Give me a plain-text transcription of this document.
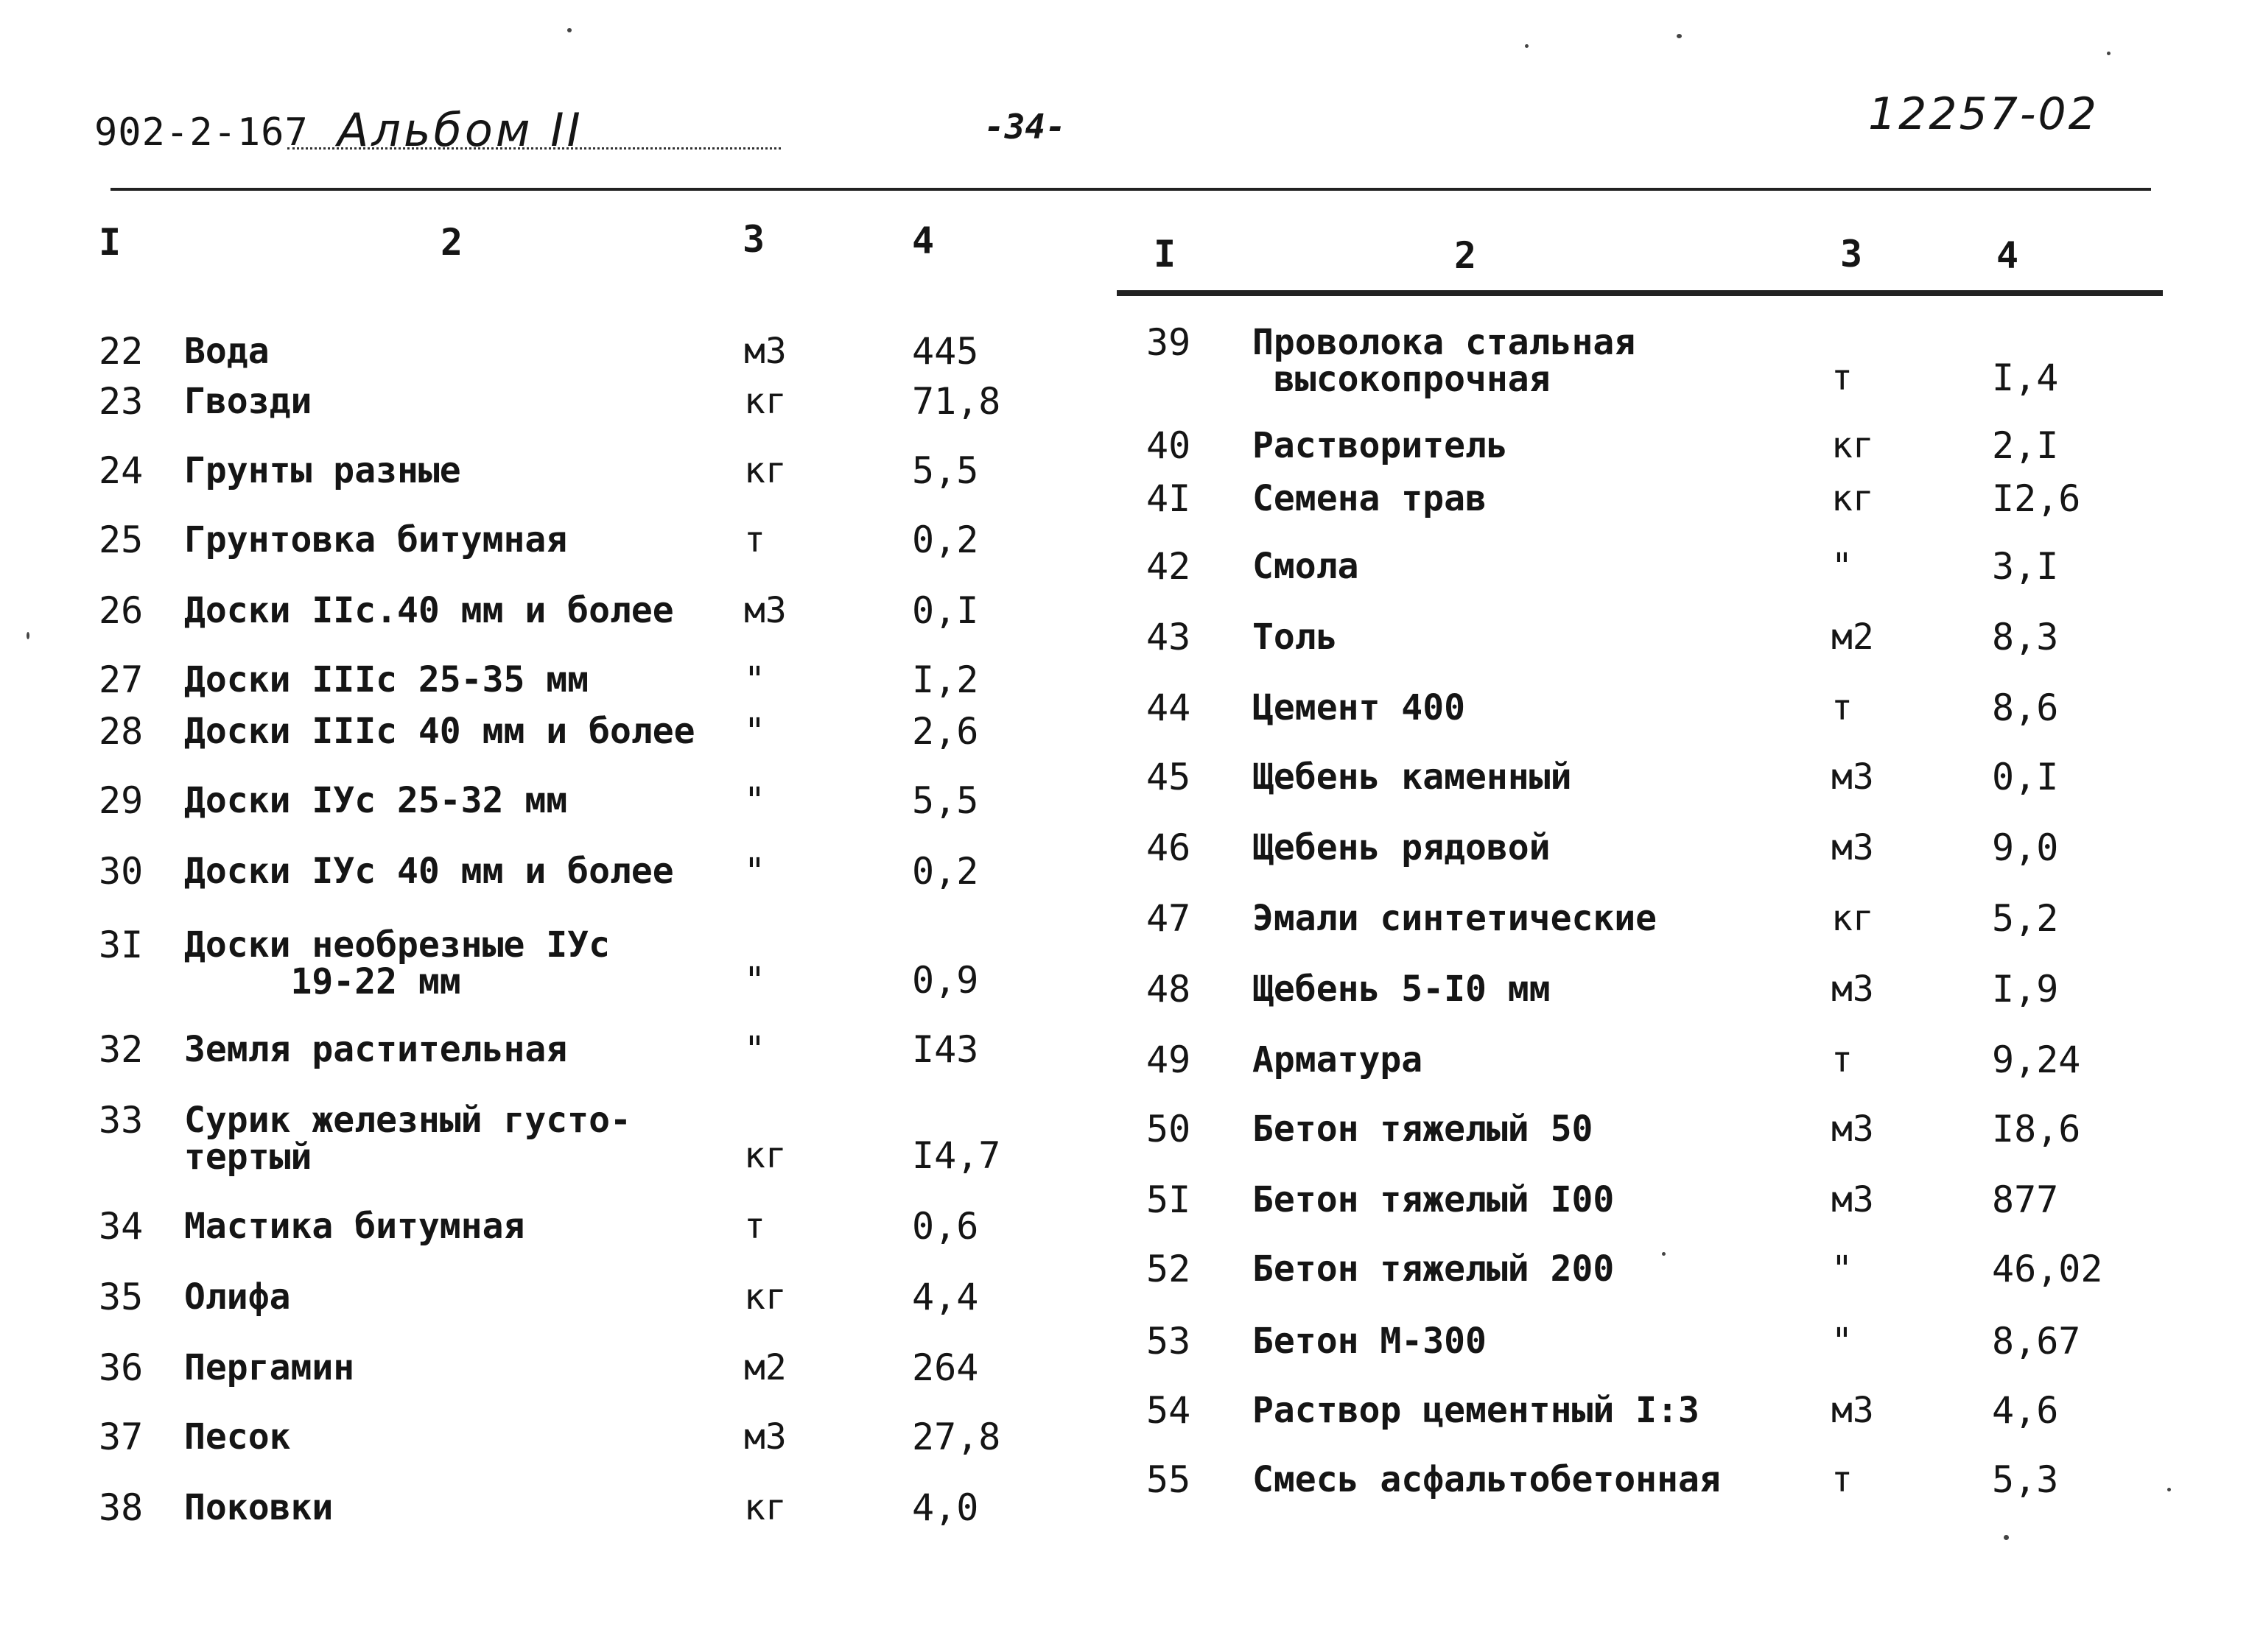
902-2-167 Альбом II	-34-	12257-02
I	2	3	4	I	2	3	4
22 Вода	м3	445
23 Гвозди	кг	71,8
24 Грунты разные	кг	5,5
25 Грунтовка битумная	т	0,2
26 Доски IIс.40 мм и более м3	0,I
27 Доски IIIс 25-35 мм	"	I,2
28 Доски IIIс 40 мм и более "	2,6
29 Доски IУс 25-32 мм	"	5,5
30 Доски IУс 40 мм и более "	0,2
3I Доски необрезные IУс
19-22 мм	"	0,9
32 Земля растительная	"	I43
33 Сурик железный густо-
тертый	кг	I4,7
34 Мастика битумная	т	0,6
35 Олифа	кг	4,4
36 Пергамин	м2	264
37 Песок	м3	27,8
38 Поковки	кг	4,0
39 Проволока стальная
высокопрочная	т	I,4
40 Растворитель	кг	2,I
4I Семена трав	кг	I2,6
42 Смола	"	3,I
43 Толь	м2	8,3
44 Цемент 400	т	8,6
45 Щебень каменный	м3	0,I
46 Щебень рядовой	м3	9,0
47 Эмали синтетические	кг	5,2
48 Щебень 5-I0 мм	м3	I,9
49 Арматура	т	9,24
50 Бетон тяжелый 50	м3	I8,6
5I Бетон тяжелый I00	м3	877
52 Бетон тяжелый 200	"	46,02
53 Бетон М-300	"	8,67
54 Раствор цементный I:3	м3	4,6
55 Смесь асфальтобетонная	т	5,3
